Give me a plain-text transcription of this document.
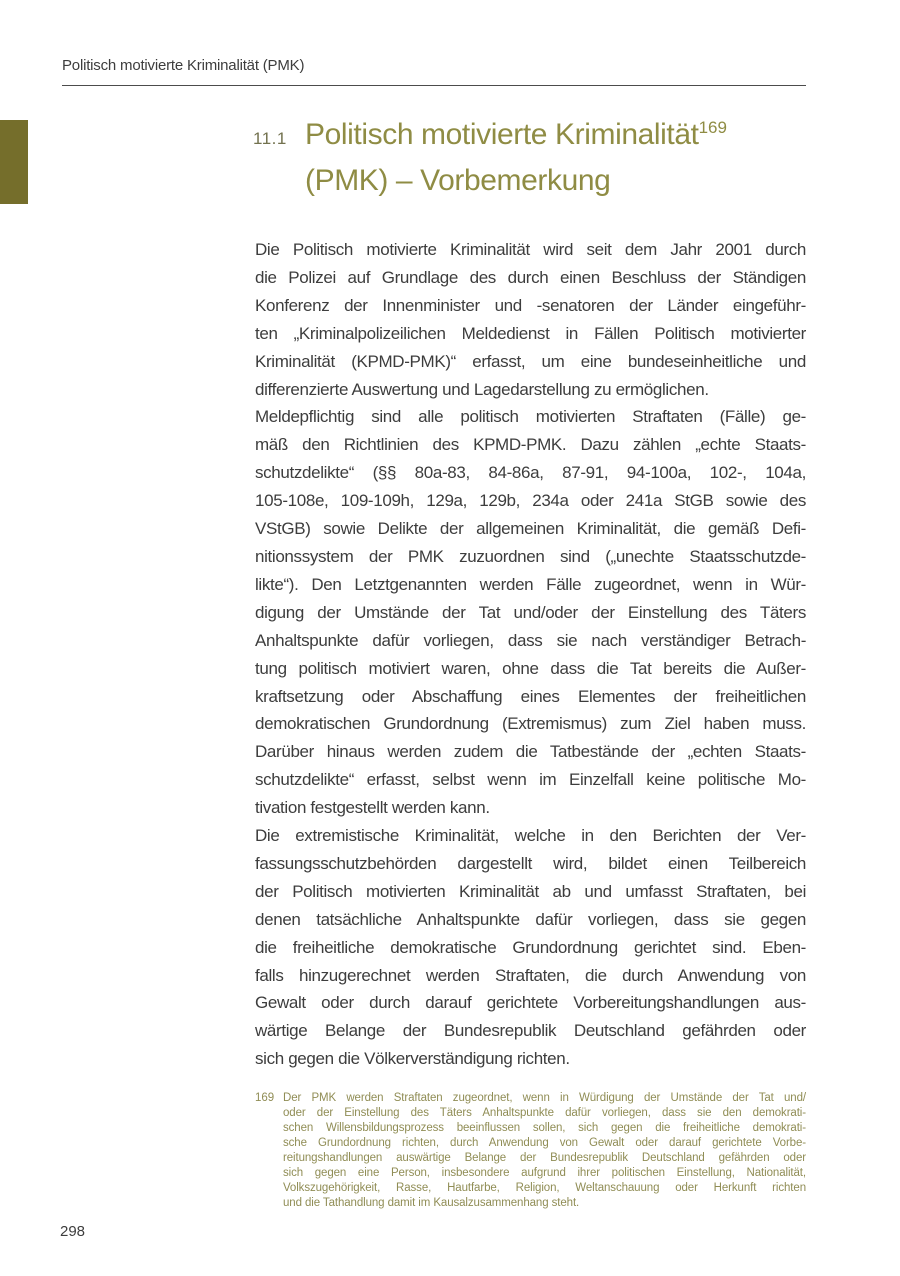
Politisch motivierte Kriminalität (PMK)
11.1 Politisch motivierte Kriminalität$^{169}$
(PMK) – Vorbemerkung
Die Politisch motivierte Kriminalität wird seit dem Jahr 2001 durch
die Polizei auf Grundlage des durch einen Beschluss der Ständigen
Konferenz der Innenminister und -senatoren der Länder eingeführ-
ten „Kriminalpolizeilichen Meldedienst in Fällen Politisch motivierter
Kriminalität (KPMD-PMK)“ erfasst, um eine bundeseinheitliche und
differenzierte Auswertung und Lagedarstellung zu ermöglichen.
Meldepflichtig sind alle politisch motivierten Straftaten (Fälle) ge-
mäß den Richtlinien des KPMD-PMK. Dazu zählen „echte Staats-
schutzdelikte“ (§§ 80a-83, 84-86a, 87-91, 94-100a, 102-, 104a,
105-108e, 109-109h, 129a, 129b, 234a oder 241a StGB sowie des
VStGB) sowie Delikte der allgemeinen Kriminalität, die gemäß Defi-
nitionssystem der PMK zuzuordnen sind („unechte Staatsschutzde-
likte“). Den Letztgenannten werden Fälle zugeordnet, wenn in Wür-
digung der Umstände der Tat und/oder der Einstellung des Täters
Anhaltspunkte dafür vorliegen, dass sie nach verständiger Betrach-
tung politisch motiviert waren, ohne dass die Tat bereits die Außer-
kraftsetzung oder Abschaffung eines Elementes der freiheitlichen
demokratischen Grundordnung (Extremismus) zum Ziel haben muss.
Darüber hinaus werden zudem die Tatbestände der „echten Staats-
schutzdelikte“ erfasst, selbst wenn im Einzelfall keine politische Mo-
tivation festgestellt werden kann.
Die extremistische Kriminalität, welche in den Berichten der Ver-
fassungsschutzbehörden dargestellt wird, bildet einen Teilbereich
der Politisch motivierten Kriminalität ab und umfasst Straftaten, bei
denen tatsächliche Anhaltspunkte dafür vorliegen, dass sie gegen
die freiheitliche demokratische Grundordnung gerichtet sind. Eben-
falls hinzugerechnet werden Straftaten, die durch Anwendung von
Gewalt oder durch darauf gerichtete Vorbereitungshandlungen aus-
wärtige Belange der Bundesrepublik Deutschland gefährden oder
sich gegen die Völkerverständigung richten.
169 Der PMK werden Straftaten zugeordnet, wenn in Würdigung der Umstände der Tat und/
oder der Einstellung des Täters Anhaltspunkte dafür vorliegen, dass sie den demokrati-
schen Willensbildungsprozess beeinflussen sollen, sich gegen die freiheitliche demokrati-
sche Grundordnung richten, durch Anwendung von Gewalt oder darauf gerichtete Vorbe-
reitungshandlungen auswärtige Belange der Bundesrepublik Deutschland gefährden oder
sich gegen eine Person, insbesondere aufgrund ihrer politischen Einstellung, Nationalität,
Volkszugehörigkeit, Rasse, Hautfarbe, Religion, Weltanschauung oder Herkunft richten
und die Tathandlung damit im Kausalzusammenhang steht.
298
